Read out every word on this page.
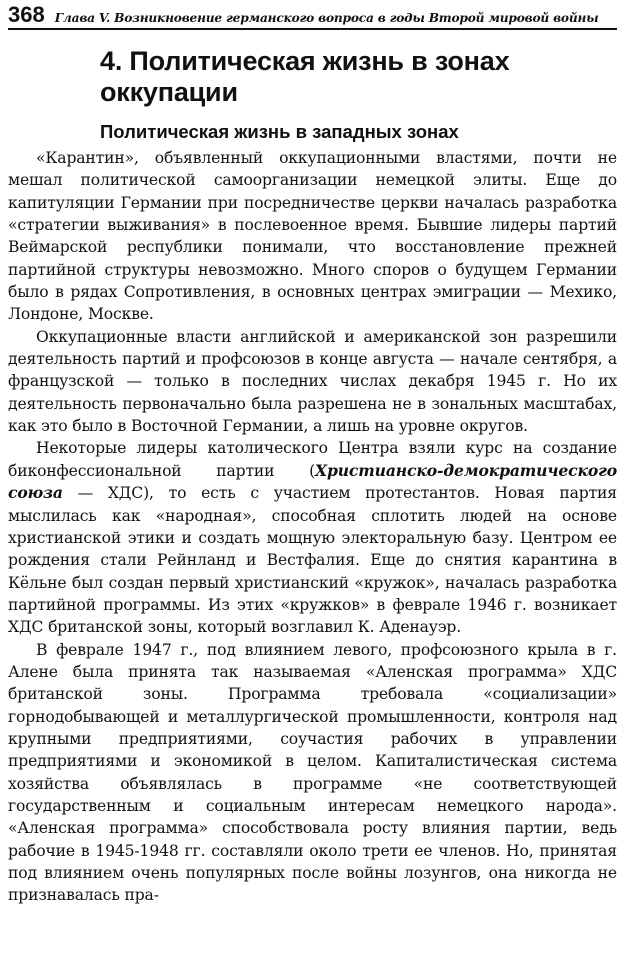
368 Глава V. Возникновение германского вопроса в годы Второй мировой войны
4. Политическая жизнь в зонах оккупации
Политическая жизнь в западных зонах

«Карантин», объявленный оккупационными властями, почти не мешал политической самоорганизации немецкой элиты. Еще до капитуляции Германии при посредничестве церкви началась разработка «стратегии выживания» в послевоенное время. Бывшие лидеры партий Веймарской республики понимали, что восстановление прежней партийной структуры невозможно. Много споров о будущем Германии было в рядах Сопротивления, в основных центрах эмиграции — Мехико, Лондоне, Москве.

Оккупационные власти английской и американской зон разрешили деятельность партий и профсоюзов в конце августа — начале сентября, а французской — только в последних числах декабря 1945 г. Но их деятельность первоначально была разрешена не в зональных масштабах, как это было в Восточной Германии, а лишь на уровне округов.

Некоторые лидеры католического Центра взяли курс на создание биконфессиональной партии (Христианско-демократического союза — ХДС), то есть с участием протестантов. Новая партия мыслилась как «народная», способная сплотить людей на основе христианской этики и создать мощную электоральную базу. Центром ее рождения стали Рейнланд и Вестфалия. Еще до снятия карантина в Кёльне был создан первый христианский «кружок», началась разработка партийной программы. Из этих «кружков» в феврале 1946 г. возникает ХДС британской зоны, который возглавил К. Аденауэр.

В феврале 1947 г., под влиянием левого, профсоюзного крыла в г. Алене была принята так называемая «Аленская программа» ХДС британской зоны. Программа требовала «социализации» горнодобывающей и металлургической промышленности, контроля над крупными предприятиями, соучастия рабочих в управлении предприятиями и экономикой в целом. Капиталистическая система хозяйства объявлялась в программе «не соответствующей государственным и социальным интересам немецкого народа». «Аленская программа» способствовала росту влияния партии, ведь рабочие в 1945-1948 гг. составляли около трети ее членов. Но, принятая под влиянием очень популярных после войны лозунгов, она никогда не признавалась пра-
